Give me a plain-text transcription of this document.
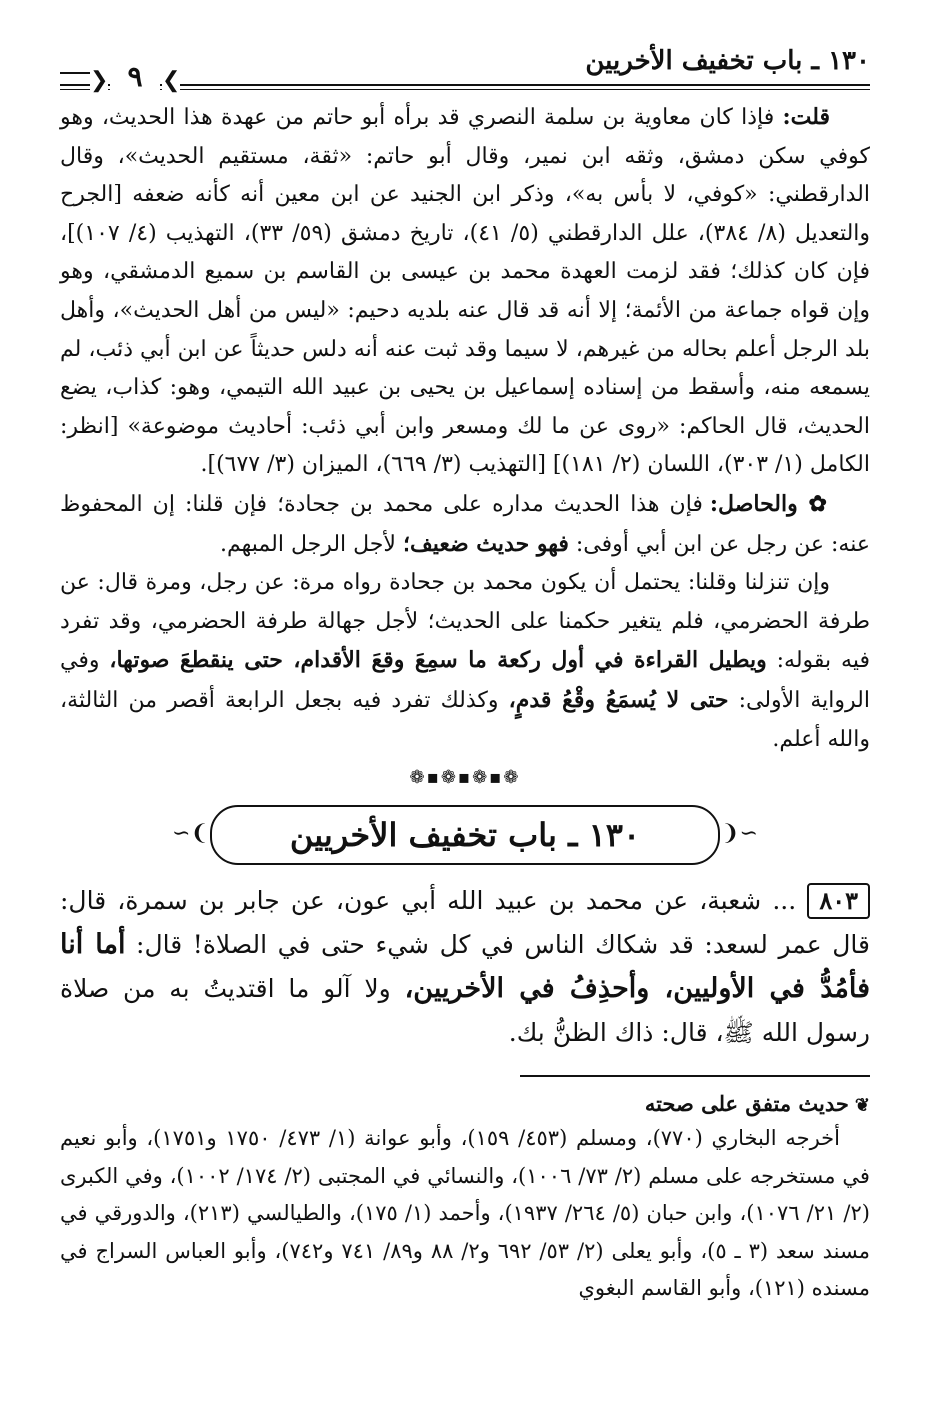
١٣٠ ـ باب تخفيف الأخريين
❮ ٩ ❯

قلت: فإذا كان معاوية بن سلمة النصري قد برأه أبو حاتم من عهدة هذا الحديث، وهو كوفي سكن دمشق، وثقه ابن نمير، وقال أبو حاتم: «ثقة، مستقيم الحديث»، وقال الدارقطني: «كوفي، لا بأس به»، وذكر ابن الجنيد عن ابن معين أنه كأنه ضعفه [الجرح والتعديل (٨/ ٣٨٤)، علل الدارقطني (٥/ ٤١)، تاريخ دمشق (٥٩/ ٣٣)، التهذيب (٤/ ١٠٧)]، فإن كان كذلك؛ فقد لزمت العهدة محمد بن عيسى بن القاسم بن سميع الدمشقي، وهو وإن قواه جماعة من الأئمة؛ إلا أنه قد قال عنه بلديه دحيم: «ليس من أهل الحديث»، وأهل بلد الرجل أعلم بحاله من غيرهم، لا سيما وقد ثبت عنه أنه دلس حديثاً عن ابن أبي ذئب، لم يسمعه منه، وأسقط من إسناده إسماعيل بن يحيى بن عبيد الله التيمي، وهو: كذاب، يضع الحديث، قال الحاكم: «روى عن ما لك ومسعر وابن أبي ذئب: أحاديث موضوعة» [انظر: الكامل (١/ ٣٠٣)، اللسان (٢/ ١٨١)] [التهذيب (٣/ ٦٦٩)، الميزان (٣/ ٦٧٧)].

✿ والحاصل: فإن هذا الحديث مداره على محمد بن جحادة؛ فإن قلنا: إن المحفوظ عنه: عن رجل عن ابن أبي أوفى: فهو حديث ضعيف؛ لأجل الرجل المبهم.

وإن تنزلنا وقلنا: يحتمل أن يكون محمد بن جحادة رواه مرة: عن رجل، ومرة قال: عن طرفة الحضرمي، فلم يتغير حكمنا على الحديث؛ لأجل جهالة طرفة الحضرمي، وقد تفرد فيه بقوله: ويطيل القراءة في أول ركعة ما سمِعَ وقعَ الأقدام، حتى ينقطعَ صوتها، وفي الرواية الأولى: حتى لا يُسمَعُ وقْعُ قدمٍ، وكذلك تفرد فيه بجعل الرابعة أقصر من الثالثة، والله أعلم.

❁▪❁▪❁▪❁
∼❨
١٣٠ ـ باب تخفيف الأخريين
❩∼

٨٠٣ ... شعبة، عن محمد بن عبيد الله أبي عون، عن جابر بن سمرة، قال: قال عمر لسعد: قد شكاك الناس في كل شيء حتى في الصلاة! قال: أما أنا فأمُدُّ في الأوليين، وأحذِفُ في الأخريين، ولا آلو ما اقتديتُ به من صلاة رسول الله ﷺ، قال: ذاك الظنُّ بك.

❦حديث متفق على صحته

أخرجه البخاري (٧٧٠)، ومسلم (٤٥٣/ ١٥٩)، وأبو عوانة (١/ ٤٧٣/ ١٧٥٠ و١٧٥١)، وأبو نعيم في مستخرجه على مسلم (٢/ ٧٣/ ١٠٠٦)، والنسائي في المجتبى (٢/ ١٧٤/ ١٠٠٢)، وفي الكبرى (٢/ ٢١/ ١٠٧٦)، وابن حبان (٥/ ٢٦٤/ ١٩٣٧)، وأحمد (١/ ١٧٥)، والطيالسي (٢١٣)، والدورقي في مسند سعد (٣ ـ ٥)، وأبو يعلى (٢/ ٥٣/ ٦٩٢ و٢/ ٨٨ و٨٩/ ٧٤١ و٧٤٢)، وأبو العباس السراج في مسنده (١٢١)، وأبو القاسم البغوي
